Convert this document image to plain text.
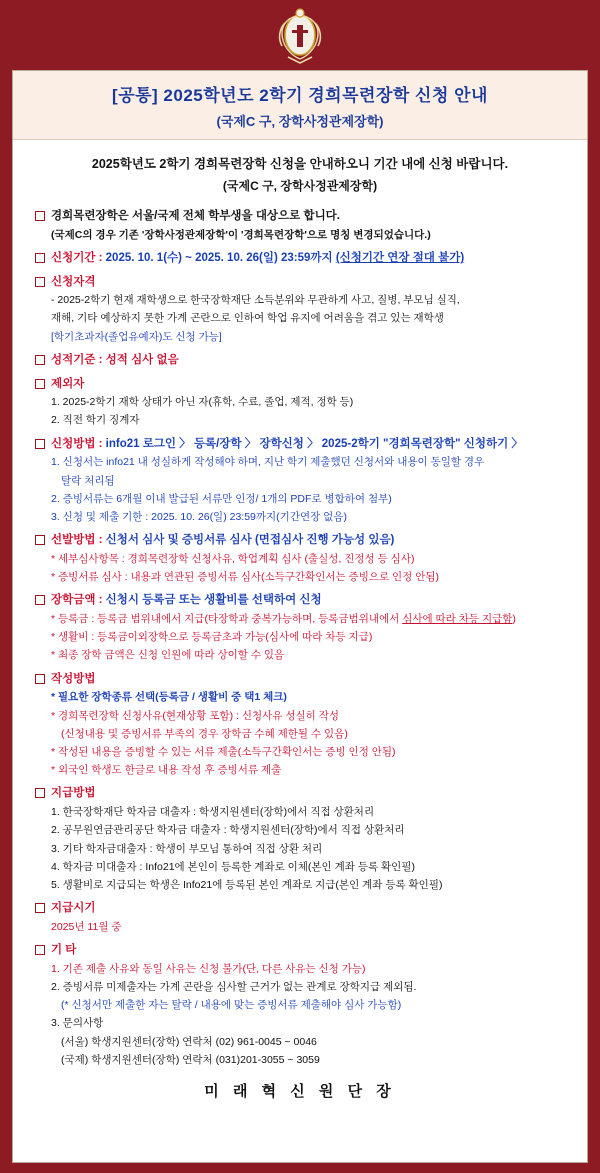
[공통] 2025학년도 2학기 경희목련장학 신청 안내
(국제C 구, 장학사정관제장학)
2025학년도 2학기 경희목련장학 신청을 안내하오니 기간 내에 신청 바랍니다.
(국제C 구, 장학사정관제장학)
경희목련장학은 서울/국제 전체 학부생을 대상으로 합니다.
(국제C의 경우 기존 '장학사정관제장학'이 '경희목련장학'으로 명칭 변경되었습니다.)
신청기간 : 2025. 10. 1(수) ~ 2025. 10. 26(일) 23:59까지 (신청기간 연장 절대 불가)
신청자격
- 2025-2학기 현재 재학생으로 한국장학재단 소득분위와 무관하게 사고, 질병, 부모님 실직,
재해, 기타 예상하지 못한 가계 곤란으로 인하여 학업 유지에 어려움을 겪고 있는 재학생
[학기초과자(졸업유예자)도 신청 가능]
성적기준 : 성적 심사 없음
제외자
1. 2025-2학기 재학 상태가 아닌 자(휴학, 수료, 졸업, 제적, 정학 등)
2. 직전 학기 징계자
신청방법 : info21 로그인 〉 등록/장학 〉 장학신청 〉 2025-2학기 "경희목련장학" 신청하기 〉
1. 신청서는 info21 내 성실하게 작성해야 하며, 지난 학기 제출했던 신청서와 내용이 동일할 경우
탈락 처리됨
2. 증빙서류는 6개월 이내 발급된 서류만 인정/ 1개의 PDF로 병합하여 첨부)
3. 신청 및 제출 기한 : 2025. 10. 26(일) 23:59까지(기간연장 없음)
선발방법 : 신청서 심사 및 증빙서류 심사 (면접심사 진행 가능성 있음)
* 세부심사항목 : 경희목련장학 신청사유, 학업계획 심사 (출실성, 진정성 등 심사)
* 증빙서류 심사 : 내용과 연관된 증빙서류 심사(소득구간확인서는 증빙으로 인정 안됨)
장학금액 : 신청시 등록금 또는 생활비를 선택하여 신청
* 등록금 : 등록금 범위내에서 지급(타장학과 중복가능하며, 등록금범위내에서 심사에 따라 차등 지급함)
* 생활비 : 등록금이외장학으로 등록금초과 가능(심사에 따라 차등 지급)
* 최종 장학 금액은 신청 인원에 따라 상이할 수 있음
작성방법
* 필요한 장학종류 선택(등록금 / 생활비 중 택1 체크)
* 경희목련장학 신청사유(현재상황 포함) : 신청사유 성실히 작성
(신청내용 및 증빙서류 부족의 경우 장학금 수혜 제한될 수 있음)
* 작성된 내용을 증빙할 수 있는 서류 제출(소득구간확인서는 증빙 인정 안됨)
* 외국인 학생도 한글로 내용 작성 후 증빙서류 제출
지급방법
1. 한국장학재단 학자금 대출자 : 학생지원센터(장학)에서 직접 상환처리
2. 공무원연금관리공단 학자금 대출자 : 학생지원센터(장학)에서 직접 상환처리
3. 기타 학자금대출자 : 학생이 부모님 통하여 직접 상환 처리
4. 학자금 미대출자 : Info21에 본인이 등록한 계좌로 이체(본인 계좌 등록 확인필)
5. 생활비로 지급되는 학생은 Info21에 등록된 본인 계좌로 지급(본인 계좌 등록 확인필)
지급시기
2025년 11월 중
기 타
1. 기존 제출 사유와 동일 사유는 신청 불가(단, 다른 사유는 신청 가능)
2. 증빙서류 미제출자는 가계 곤란을 심사할 근거가 없는 관계로 장학지급 제외됨.
(* 신청서만 제출한 자는 탈락 / 내용에 맞는 증빙서류 제출해야 심사 가능함)
3. 문의사항
(서울) 학생지원센터(장학) 연락처 (02) 961-0045 ~ 0046
(국제) 학생지원센터(장학) 연락처 (031)201-3055 ~ 3059
미 래 혁 신 원 단 장
